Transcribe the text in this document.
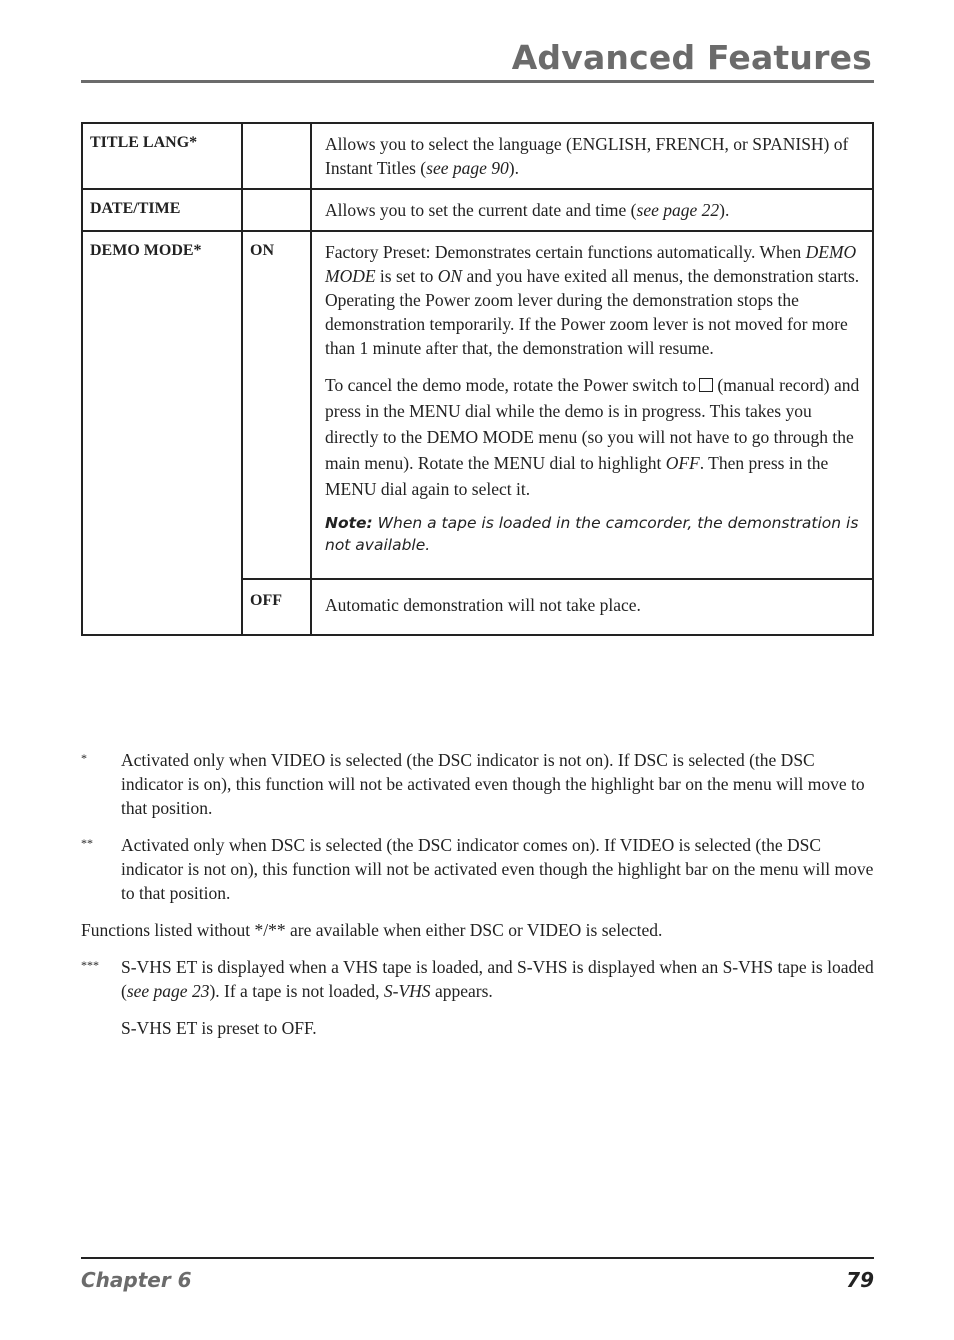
Advanced Features
TITLE LANG*		Allows you to select the language (ENGLISH, FRENCH, or SPANISH) of Instant Titles (see page 90).
DATE/TIME		Allows you to set the current date and time (see page 22).
DEMO MODE*	ON	Factory Preset: Demonstrates certain functions automatically. When DEMO MODE is set to ON and you have exited all menus, the demonstration starts.

Operating the Power zoom lever during the demonstration stops the demonstration temporarily. If the Power zoom lever is not moved for more than 1 minute after that, the demonstration will resume.

To cancel the demo mode, rotate the Power switch to (manual record) and press in the MENU dial while the demo is in progress. This takes you directly to the DEMO MODE menu (so you will not have to go through the main menu). Rotate the MENU dial to highlight OFF. Then press in the MENU dial again to select it.

Note: When a tape is loaded in the camcorder, the demonstration is not available.

	OFF	Automatic demonstration will not take place.
* Activated only when VIDEO is selected (the DSC indicator is not on). If DSC is selected (the DSC indicator is on), this function will not be activated even though the highlight bar on the menu will move to that position.
** Activated only when DSC is selected (the DSC indicator comes on). If VIDEO is selected (the DSC indicator is not on), this function will not be activated even though the highlight bar on the menu will move to that position.
Functions listed without */** are available when either DSC or VIDEO is selected.
*** S-VHS ET is displayed when a VHS tape is loaded, and S-VHS is displayed when an S-VHS tape is loaded (see page 23). If a tape is not loaded, S-VHS appears.
S-VHS ET is preset to OFF.
Chapter 6	79
